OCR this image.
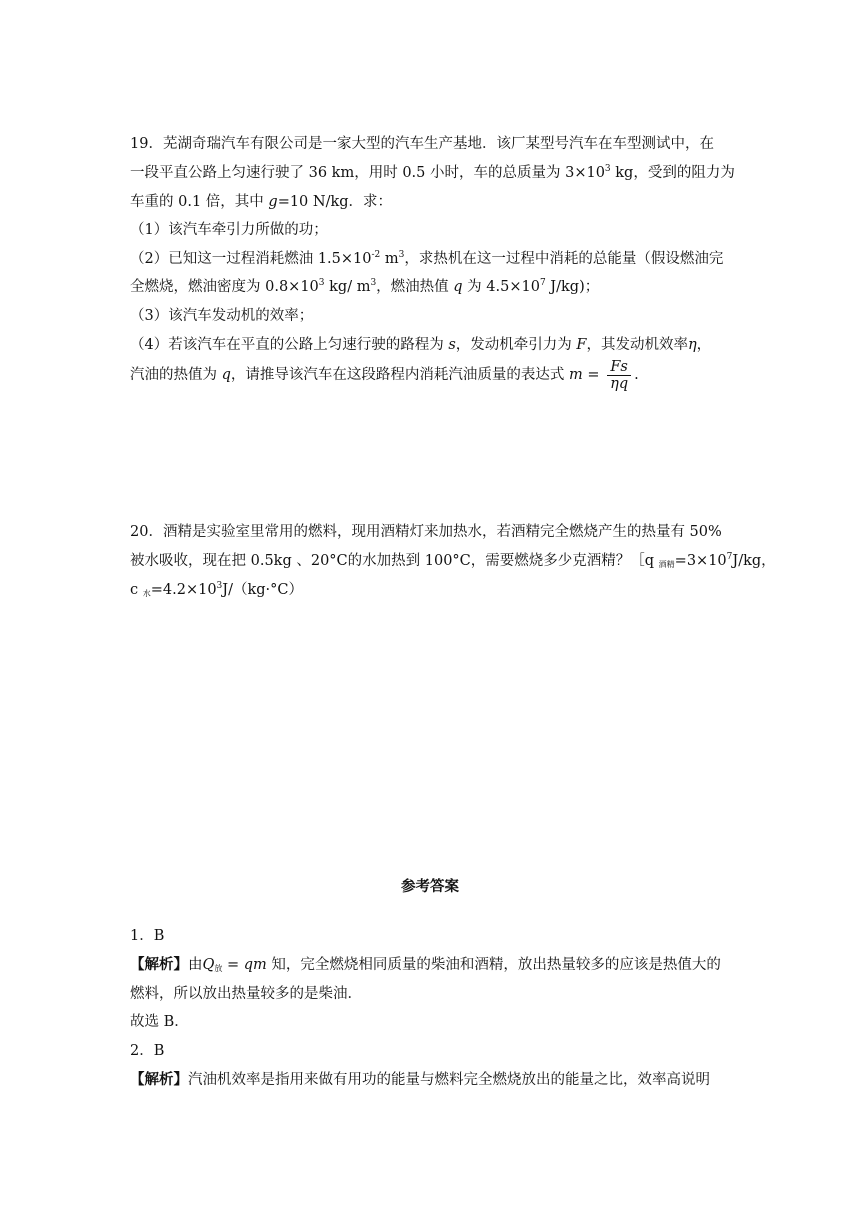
19．芜湖奇瑞汽车有限公司是一家大型的汽车生产基地．该厂某型号汽车在车型测试中，在
一段平直公路上匀速行驶了 36 km，用时 0.5 小时，车的总质量为 $3\times 10^3$ kg，受到的阻力为
车重的 0.1 倍，其中 g=10 N/kg．求：
（1）该汽车牵引力所做的功；
（2）已知这一过程消耗燃油 $1.5\times 10^{-2}$ $m^3$，求热机在这一过程中消耗的总能量（假设燃油完
全燃烧，燃油密度为 $0.8\times 10^3$ kg/ $m^3$，燃油热值 q 为 $4.5\times 10^7$ J/kg)；
（3）该汽车发动机的效率；
（4）若该汽车在平直的公路上匀速行驶的路程为 s，发动机牵引力为 F，其发动机效率η，
汽油的热值为 q，请推导该汽车在这段路程内消耗汽油质量的表达式 $m = \frac{Fs}{\eta q}$ .
20．酒精是实验室里常用的燃料，现用酒精灯来加热水，若酒精完全燃烧产生的热量有 50%
被水吸收，现在把 0.5kg 、20°C的水加热到 100°C，需要燃烧多少克酒精？［q $_{酒精}=3\times 10^7J/kg$，
c $_水=4.2\times 10^3J/(kg\cdot^\circ C)$
参考答案
1．B
【解析】由$Q_放$ = qm 知，完全燃烧相同质量的柴油和酒精，放出热量较多的应该是热值大的
燃料，所以放出热量较多的是柴油．
故选 B．
2．B
【解析】汽油机效率是指用来做有用功的能量与燃料完全燃烧放出的能量之比，效率高说明
